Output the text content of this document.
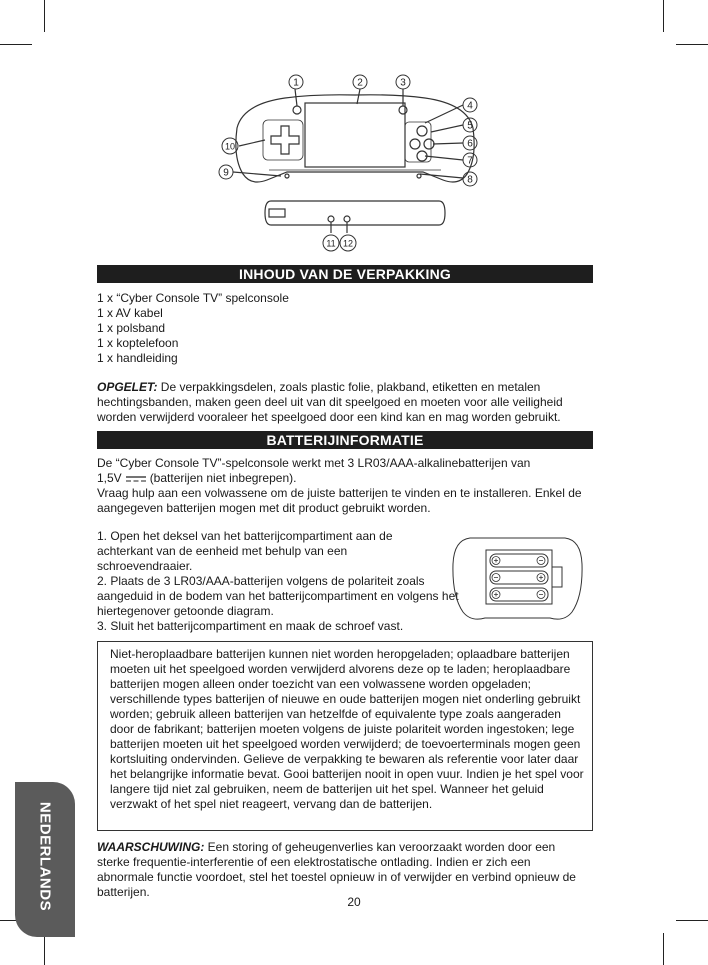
1	2	3
4
5
6
7
8
9
10
11 12
INHOUD VAN DE VERPAKKING

1 x “Cyber Console TV” spelconsole

1 x AV kabel

1 x polsband

1 x koptelefoon

1 x handleiding

OPGELET: De verpakkingsdelen, zoals plastic folie, plakband, etiketten en metalen hechtingsbanden, maken geen deel uit van dit speelgoed en moeten voor alle veiligheid worden verwijderd vooraleer het speelgoed door een kind kan en mag worden gebruikt.

BATTERIJINFORMATIE

De “Cyber Console TV”-spelconsole werkt met 3 LR03/AAA-alkalinebatterijen van

1,5V (batterijen niet inbegrepen).

Vraag hulp aan een volwassene om de juiste batterijen te vinden en te installeren. Enkel de aangegeven batterijen mogen met dit product gebruikt worden.

1. Open het deksel van het batterijcompartiment aan de achterkant van de eenheid met behulp van een schroevendraaier.

2. Plaats de 3 LR03/AAA-batterijen volgens de polariteit zoals aangeduid in de bodem van het batterijcompartiment en volgens het hiertegenover getoonde diagram.

3. Sluit het batterijcompartiment en maak de schroef vast.

Niet-heroplaadbare batterijen kunnen niet worden heropgeladen; oplaadbare batterijen moeten uit het speelgoed worden verwijderd alvorens deze op te laden; heroplaadbare batterijen mogen alleen onder toezicht van een volwassene worden opgeladen; verschillende types batterijen of nieuwe en oude batterijen mogen niet onderling gebruikt worden; gebruik alleen batterijen van hetzelfde of equivalente type zoals aangeraden door de fabrikant; batterijen moeten volgens de juiste polariteit worden ingestoken; lege batterijen moeten uit het speelgoed worden verwijderd; de toevoerterminals mogen geen kortsluiting ondervinden. Gelieve de verpakking te bewaren als referentie voor later daar het belangrijke informatie bevat. Gooi batterijen nooit in open vuur. Indien je het spel voor langere tijd niet zal gebruiken, neem de batterijen uit het spel. Wanneer het geluid verzwakt of het spel niet reageert, vervang dan de batterijen.

WAARSCHUWING: Een storing of geheugenverlies kan veroorzaakt worden door een sterke frequentie-interferentie of een elektrostatische ontlading. Indien er zich een abnormale functie voordoet, stel het toestel opnieuw in of verwijder en verbind opnieuw de batterijen.

NEDERLANDS	20
